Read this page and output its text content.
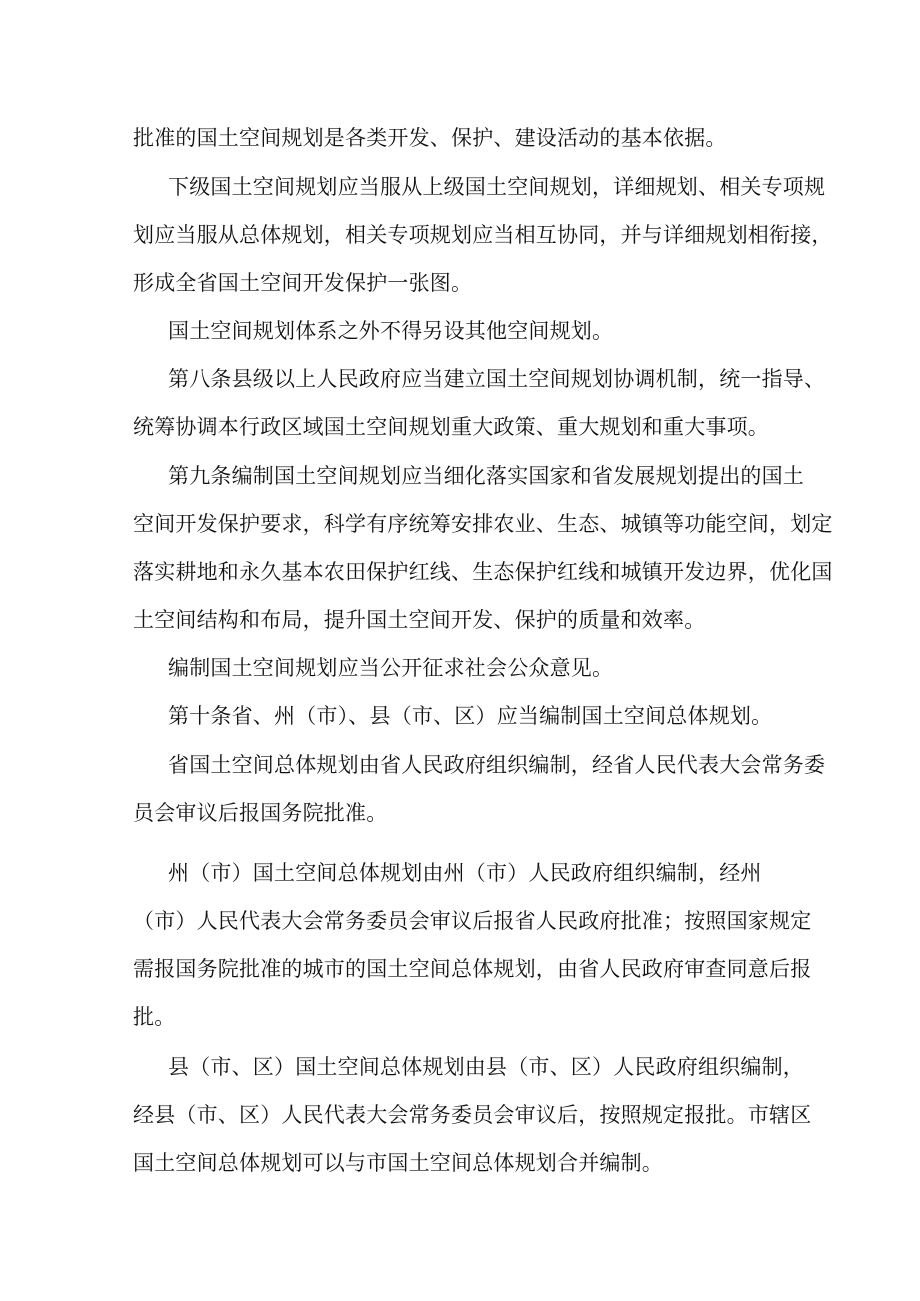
批准的国土空间规划是各类开发、保护、建设活动的基本依据。
下级国土空间规划应当服从上级国土空间规划，详细规划、相关专项规
划应当服从总体规划，相关专项规划应当相互协同，并与详细规划相衔接，
形成全省国土空间开发保护一张图。
国土空间规划体系之外不得另设其他空间规划。
第八条县级以上人民政府应当建立国土空间规划协调机制，统一指导、
统筹协调本行政区域国土空间规划重大政策、重大规划和重大事项。
第九条编制国土空间规划应当细化落实国家和省发展规划提出的国土
空间开发保护要求，科学有序统筹安排农业、生态、城镇等功能空间，划定
落实耕地和永久基本农田保护红线、生态保护红线和城镇开发边界，优化国
土空间结构和布局，提升国土空间开发、保护的质量和效率。
编制国土空间规划应当公开征求社会公众意见。
第十条省、州（市）、县（市、区）应当编制国土空间总体规划。
省国土空间总体规划由省人民政府组织编制，经省人民代表大会常务委
员会审议后报国务院批准。
州（市）国土空间总体规划由州（市）人民政府组织编制，经州
（市）人民代表大会常务委员会审议后报省人民政府批准；按照国家规定
需报国务院批准的城市的国土空间总体规划，由省人民政府审查同意后报
批。
县（市、区）国土空间总体规划由县（市、区）人民政府组织编制，
经县（市、区）人民代表大会常务委员会审议后，按照规定报批。市辖区
国土空间总体规划可以与市国土空间总体规划合并编制。
